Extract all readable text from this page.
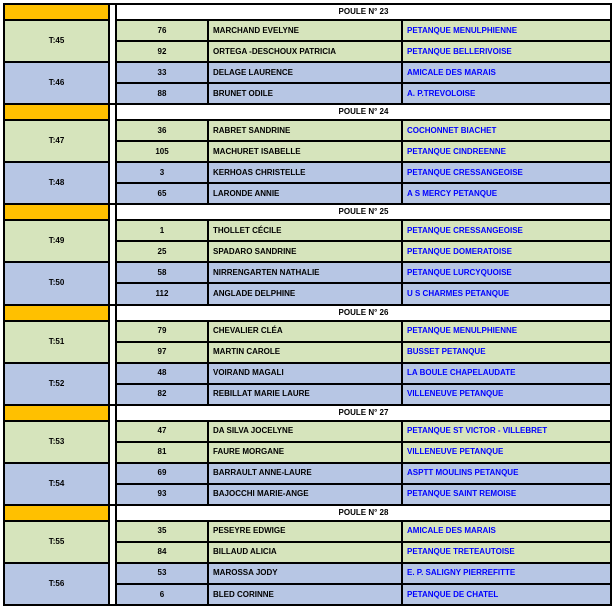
POULE N° 23
T:45
76	MARCHAND EVELYNE	PETANQUE MENULPHIENNE
92	ORTEGA -DESCHOUX PATRICIA	PETANQUE BELLERIVOISE
T:46
33	DELAGE LAURENCE	AMICALE DES MARAIS
88	BRUNET ODILE	A. P.TREVOLOISE
POULE N° 24
T:47
36	RABRET SANDRINE	COCHONNET BIACHET
105	MACHURET ISABELLE	PETANQUE CINDREENNE
T:48
3	KERHOAS CHRISTELLE	PETANQUE CRESSANGEOISE
65	LARONDE ANNIE	A S MERCY PETANQUE
POULE N° 25
T:49
1	THOLLET CÉCILE	PETANQUE CRESSANGEOISE
25	SPADARO SANDRINE	PETANQUE DOMERATOISE
T:50
58	NIRRENGARTEN NATHALIE	PETANQUE LURCYQUOISE
112	ANGLADE DELPHINE	U S CHARMES PETANQUE
POULE N° 26
T:51
79	CHEVALIER CLÉA	PETANQUE MENULPHIENNE
97	MARTIN CAROLE	BUSSET PETANQUE
T:52
48	VOIRAND MAGALI	LA BOULE CHAPELAUDATE
82	REBILLAT MARIE LAURE	VILLENEUVE PETANQUE
POULE N° 27
T:53
47	DA SILVA JOCELYNE	PETANQUE ST VICTOR - VILLEBRET
81	FAURE MORGANE	VILLENEUVE PETANQUE
T:54
69	BARRAULT ANNE-LAURE	ASPTT MOULINS PETANQUE
93	BAJOCCHI MARIE-ANGE	PETANQUE SAINT REMOISE
POULE N° 28
T:55
35	PESEYRE EDWIGE	AMICALE DES MARAIS
84	BILLAUD ALICIA	PETANQUE TRETEAUTOISE
T:56
53	MAROSSA JODY	E. P. SALIGNY PIERREFITTE
6	BLED CORINNE	PETANQUE DE CHATEL
